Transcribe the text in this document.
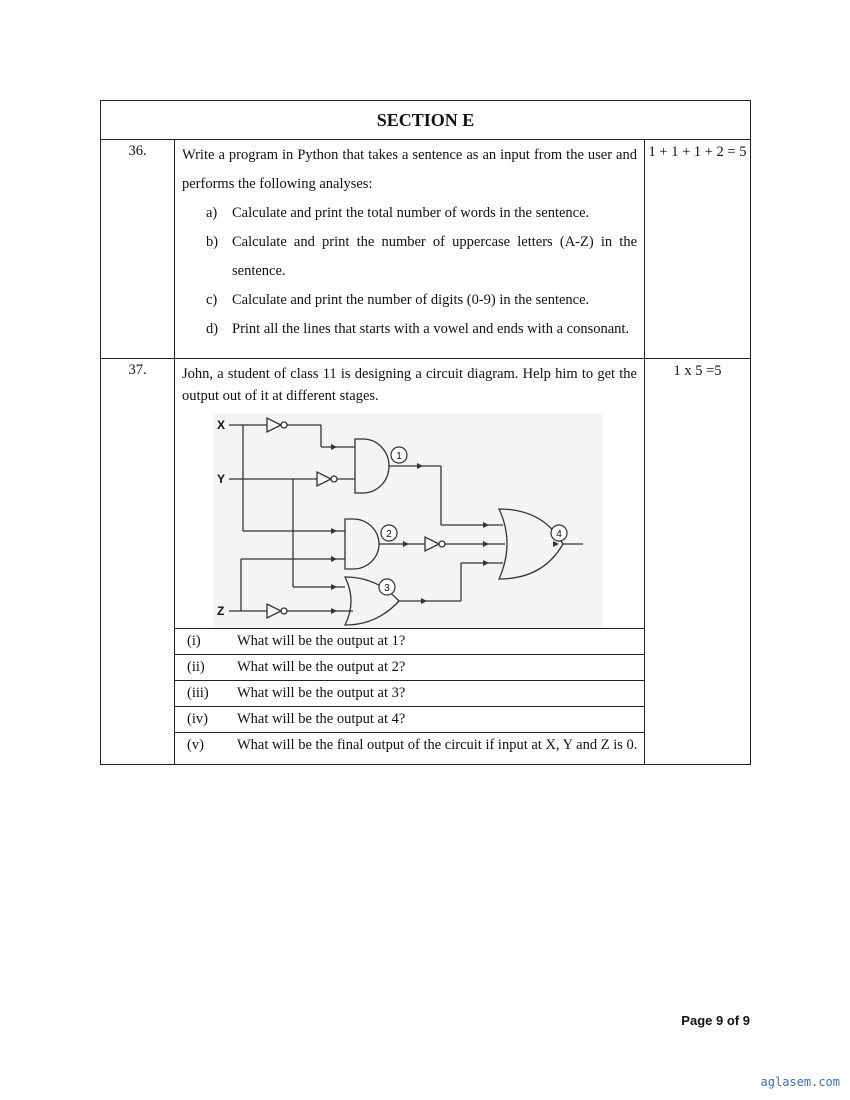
SECTION E
36.	Write a program in Python that takes a sentence as an input from the user and performs the following analyses:
a)	Calculate and print the total number of words in the sentence.
b) Calculate and print the number of uppercase letters (A-Z) in the sentence.
c)	Calculate and print the number of digits (0-9) in the sentence.
d) Print all the lines that starts with a vowel and ends with a consonant.
	1 + 1 + 1 + 2 = 5
37.	John, a student of class 11 is designing a circuit diagram. Help him to get the output out of it at different stages.
1
2
3
4
X
Y
Z
(i)	What will be the output at 1?
(ii)	What will be the output at 2?
(iii)	What will be the output at 3?
(iv)	What will be the output at 4?
(v)	What will be the final output of the circuit if input at X, Y and Z is 0.
	1 x 5 =5
Page 9 of 9
aglasem.com
